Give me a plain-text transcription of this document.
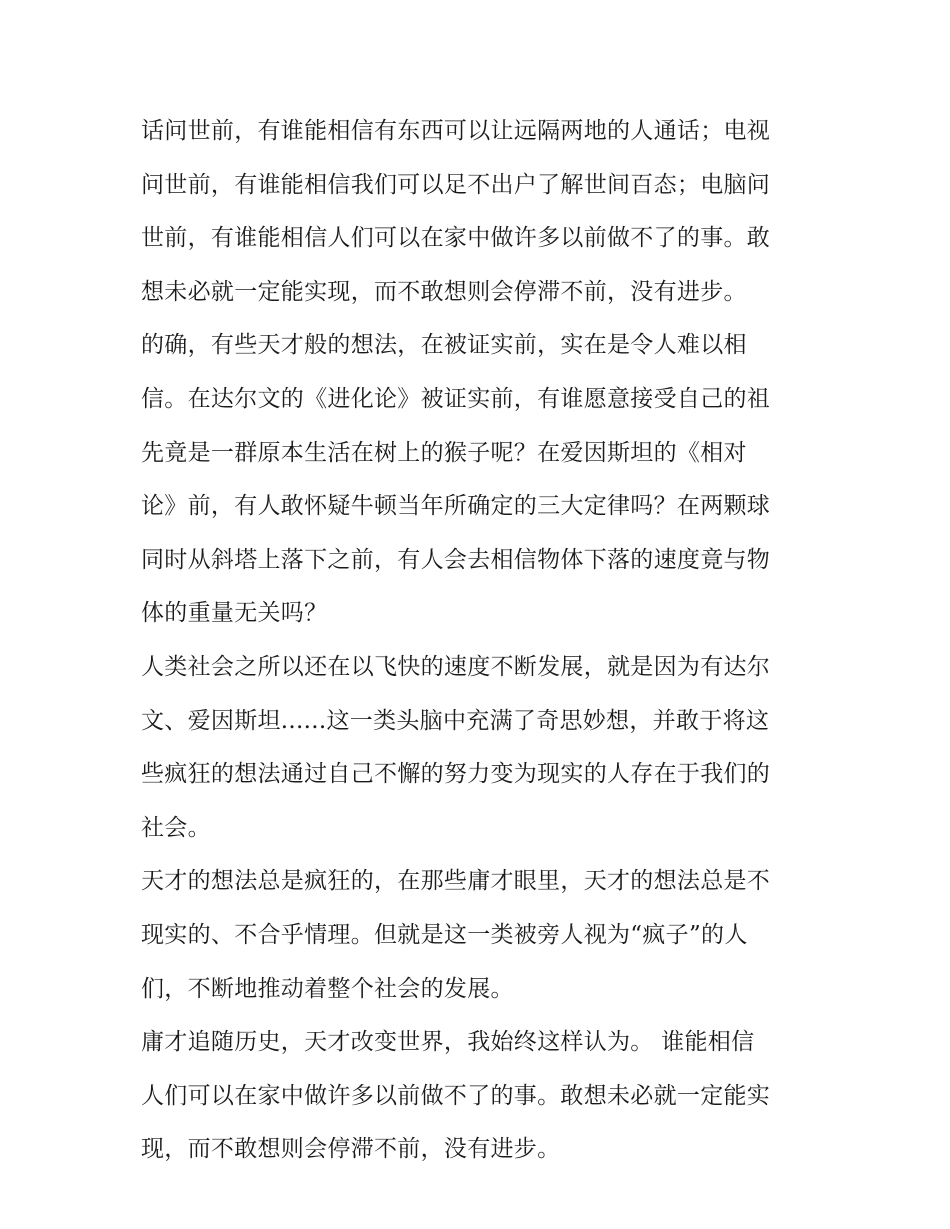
话问世前，有谁能相信有东西可以让远隔两地的人通话；电视
问世前，有谁能相信我们可以足不出户了解世间百态；电脑问
世前，有谁能相信人们可以在家中做许多以前做不了的事。敢
想未必就一定能实现，而不敢想则会停滞不前，没有进步。
的确，有些天才般的想法，在被证实前，实在是令人难以相
信。在达尔文的《进化论》被证实前，有谁愿意接受自己的祖
先竟是一群原本生活在树上的猴子呢？在爱因斯坦的《相对
论》前，有人敢怀疑牛顿当年所确定的三大定律吗？在两颗球
同时从斜塔上落下之前，有人会去相信物体下落的速度竟与物
体的重量无关吗？
人类社会之所以还在以飞快的速度不断发展，就是因为有达尔
文、爱因斯坦......这一类头脑中充满了奇思妙想，并敢于将这
些疯狂的想法通过自己不懈的努力变为现实的人存在于我们的
社会。
天才的想法总是疯狂的，在那些庸才眼里，天才的想法总是不
现实的、不合乎情理。但就是这一类被旁人视为“疯子”的人
们，不断地推动着整个社会的发展。
庸才追随历史，天才改变世界，我始终这样认为。 谁能相信
人们可以在家中做许多以前做不了的事。敢想未必就一定能实
现，而不敢想则会停滞不前，没有进步。
